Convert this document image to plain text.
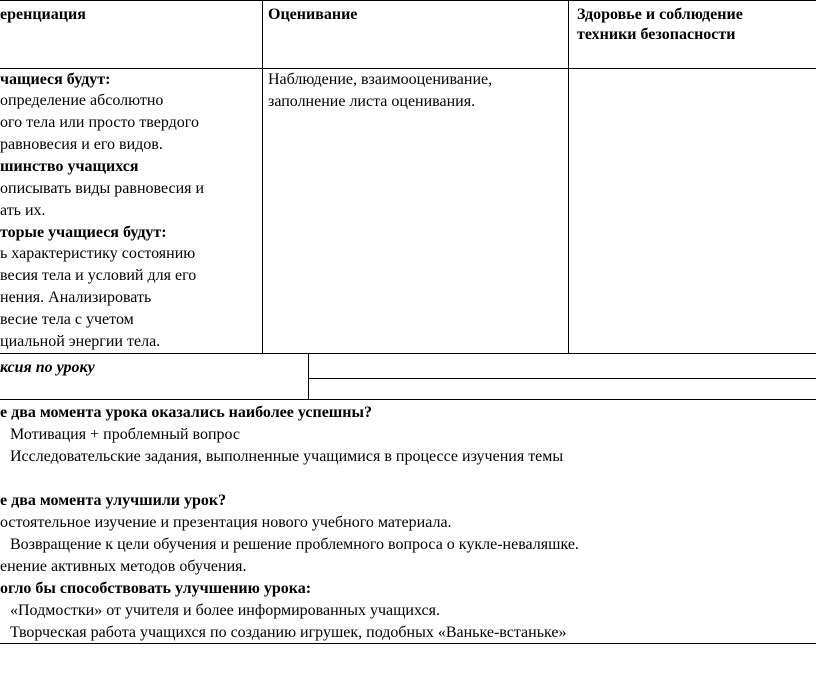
еренциация	Оценивание	Здоровье и соблюдение
техники безопасности
чащиеся будут:
определение абсолютно
ого тела или просто твердого
равновесия и его видов.
шинство учащихся
описывать виды равновесия и
ать их.
торые учащиеся будут:
ь характеристику состоянию
весия тела и условий для его
нения. Анализировать
весие тела с учетом
циальной энергии тела.
Наблюдение, взаимооценивание,
заполнение листа оценивания.
ксия по уроку
е два момента урока оказались наиболее успешны?
Мотивация + проблемный вопрос
Исследовательские задания, выполненные учащимися в процессе изучения темы
е два момента улучшили урок?
остоятельное изучение и презентация нового учебного материала.
Возвращение к цели обучения и решение проблемного вопроса о кукле-неваляшке.
енение активных методов обучения.
огло бы способствовать улучшению урока:
«Подмостки» от учителя и более информированных учащихся.
Творческая работа учащихся по созданию игрушек, подобных «Ваньке-встаньке»
